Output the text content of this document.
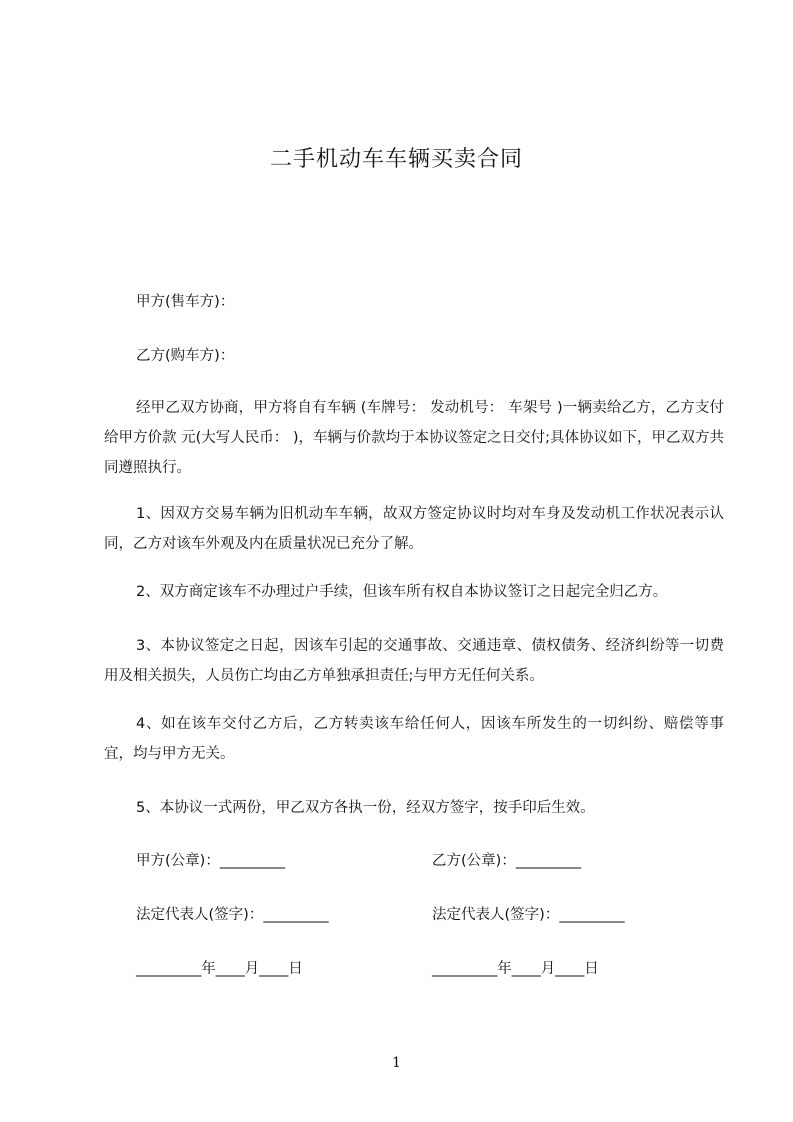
二手机动车车辆买卖合同

甲方(售车方)：

乙方(购车方)：

经甲乙双方协商，甲方将自有车辆 (车牌号： 发动机号： 车架号 )一辆卖给乙方，乙方支付给甲方价款 元(大写人民币： )，车辆与价款均于本协议签定之日交付;具体协议如下，甲乙双方共同遵照执行。

1、因双方交易车辆为旧机动车车辆，故双方签定协议时均对车身及发动机工作状况表示认同，乙方对该车外观及内在质量状况已充分了解。

2、双方商定该车不办理过户手续，但该车所有权自本协议签订之日起完全归乙方。

3、本协议签定之日起，因该车引起的交通事故、交通违章、债权债务、经济纠纷等一切费用及相关损失，人员伤亡均由乙方单独承担责任;与甲方无任何关系。

4、如在该车交付乙方后，乙方转卖该车给任何人，因该车所发生的一切纠纷、赔偿等事宜，均与甲方无关。

5、本协议一式两份，甲乙双方各执一份，经双方签字，按手印后生效。

甲方(公章)：_________	乙方(公章)：_________
法定代表人(签字)：_________	法定代表人(签字)：_________
_________年____月____日	_________年____月____日
1
